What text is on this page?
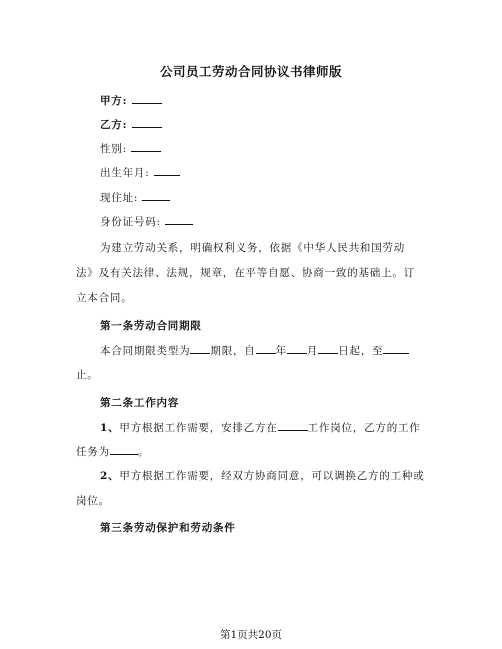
公司员工劳动合同协议书律师版
甲方:
乙方:
性别:
出生年月:
现住址:
身份证号码:
为建立劳动关系，明确权利义务，依据《中华人民共和国劳动
法》及有关法律、法规，规章，在平等自愿、协商一致的基础上。订
立本合同。
第一条劳动合同期限
本合同期限类型为 期限，自 年 月 日起，至
止。
第二条工作内容
1、甲方根据工作需要，安排乙方在	工作岗位，乙方的工作
任务为	。
2、甲方根据工作需要，经双方协商同意，可以调换乙方的工种或
岗位。
第三条劳动保护和劳动条件
第1页共20页
